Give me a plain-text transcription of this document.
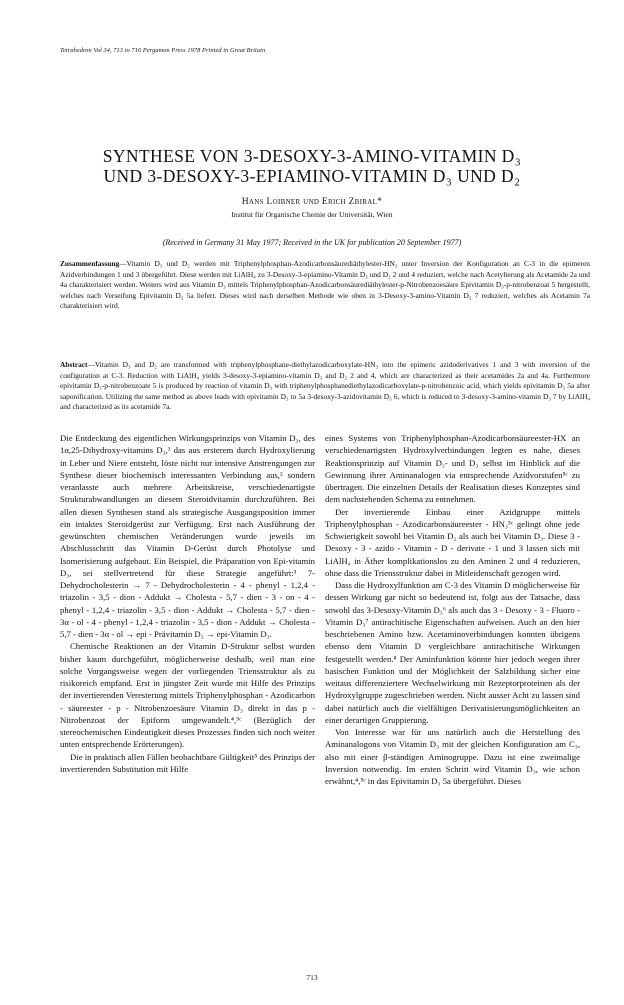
Tetrahedron Vol 34, 713 to 716 Pergamon Press 1978 Printed in Great Britain
SYNTHESE VON 3-DESOXY-3-AMINO-VITAMIN D₃
UND 3-DESOXY-3-EPIAMINO-VITAMIN D₃ UND D₂
Hans Loibner und Erich Zbiral*
Institut für Organische Chemie der Universität, Wien
(Received in Germany 31 May 1977; Received in the UK for publication 20 September 1977)
Zusammenfassung—Vitamin D₃ und D₂ werden mit Triphenylphosphan-Azodicarbonsäurediäthylester-HN₃ unter Inversion der Konfiguration an C-3 in die epimeren Azidverbindungen 1 und 3 übergeführt. Diese werden mit LiAlH₄ zu 3-Desoxy-3-epiamino-Vitamin D₃ und D₂ 2 und 4 reduziert, welche nach Acetylierung als Acetamide 2a und 4a charakterisiert werden. Weiters wird aus Vitamin D₃ mittels Triphenylphosphan-Azodicarbonsäurediäthylester-p-Nitrobenzoesäure Epivitamin D₃-p-nitrobenzoat 5 hergestellt, welches nach Verseifung Epivitamin D₃ 5a liefert. Dieses wird nach derselben Methode wie oben in 3-Desoxy-3-amino-Vitamin D₃ 7 reduziert, welches als Acetamin 7a charakterisiert wird.
Abstract—Vitamin D₃ and D₂ are transformed with triphenylphosphane-diethylazodicarboxylate-HN₃ into the epimeric azidoderivatives 1 and 3 with inversion of the configuration at C-3. Reduction with LiAlH₄ yields 3-desoxy-3-epiamino-vitamin D₃ and D₂ 2 and 4, which are characterized as their acetamides 2a and 4a. Furthermore epivitamin D₃-p-nitrobenzoate 5 is produced by reaction of vitamin D₃ with triphenylphosphanediethylazodicarboxylate-p-nitrobenzoic acid, which yields epivitamin D₃ 5a after saponification. Utilizing the same method as above leads with epivitamin D₃ to 5a 3-desoxy-3-azidovitamin D₃ 6, which is reduced to 3-desoxy-3-amino-vitamin D₃ 7 by LiAlH₄ and characterized as its acetamide 7a.

Die Entdeckung des eigentlichen Wirkungsprinzips von Vitamin D₃, des 1α,25-Dihydroxy-vitamins D₃,¹ das aus ersterem durch Hydroxylierung in Leber und Niere entsteht, löste nicht nur intensive Anstrengungen zur Synthese dieser biochemisch interessanten Verbindung aus,² sondern veranlasste auch mehrere Arbeitskreise, verschiedenartigste Strukturabwandlungen an diesem Steroidvitamin durchzuführen. Bei allen diesen Synthesen stand als strategische Ausgangsposition immer ein intaktes Steroidgerüst zur Verfügung. Erst nach Ausführung der gewünschten chemischen Veränderungen wurde jeweils im Abschlusschritt das Vitamin D-Gerüst durch Photolyse und Isomerisierung aufgebaut. Ein Beispiel, die Präparation von Epi-vitamin D₃, sei stellvertretend für diese Strategie angeführt:³ 7-Dehydrocholesterin → 7 - Dehydrocholesterin - 4 - phenyl - 1,2,4 - triazolin - 3,5 - dion - Addukt → Cholesta - 5,7 - dien - 3 - on - 4 - phenyl - 1,2,4 - triazolin - 3,5 - dion - Addukt → Cholesta - 5,7 - dien - 3α - ol - 4 - phenyl - 1,2,4 - triazolin - 3,5 - dion - Addukt → Cholesta - 5,7 - dien - 3α - ol → epi - Prävitamin D₃ → epi-Vitamin D₃.

Chemische Reaktionen an der Vitamin D-Struktur selbst wurden bisher kaum durchgeführt, möglicherweise deshalb, weil man eine solche Vorgangsweise wegen der vorliegenden Triensstruktur als zu risikoreich empfand. Erst in jüngster Zeit wurde mit Hilfe des Prinzips der invertierenden Veresterung mittels Triphenylphosphan - Azodicarbon - säureester - p - Nitrobenzoesäure Vitamin D₃ direkt in das p - Nitrobenzoat der Epiform umgewandelt.⁴,⁵ᶜ (Bezüglich der stereochemischen Eindeutigkeit dieses Prozesses finden sich noch weiter unten entsprechende Erörterungen).

Die in praktisch allen Fällen beobachtbare Gültigkeit⁵ des Prinzips der invertierenden Substitution mit Hilfe

eines Systems von Triphenylphosphan-Azodicarbonsäureester-HX an verschiedenartigsten Hydroxylverbindungen legten es nahe, dieses Reaktionsprinzip auf Vitamin D₂- und D₃ selbst im Hinblick auf die Gewinnung ihrer Aminanalogen via entsprechende Azidvorstufen⁵ᶜ zu übertragen. Die einzelnen Details der Realisation dieses Konzeptes sind dem nachstehenden Schema zu entnehmen.

Der invertierende Einbau einer Azidgruppe mittels Triphenylphosphan - Azodicarbonsäureester - HN₃⁵ᶜ gelingt ohne jede Schwierigkeit sowohl bei Vitamin D₂ als auch bei Vitamin D₃. Diese 3 - Desoxy - 3 - azido - Vitamin - D - derivate - 1 und 3 lassen sich mit LiAlH₄ in Äther komplikationslos zu den Aminen 2 und 4 reduzieren, ohne dass die Triensstruktur dabei in Mitleidenschaft gezogen wird.

Dass die Hydroxylfunktion am C-3 des Vitamin D möglicherweise für dessen Wirkung gar nicht so bedeutend ist, folgt aus der Tatsache, dass sowohl das 3-Desoxy-Vitamin D₃⁶ als auch das 3 - Desoxy - 3 - Fluoro - Vitamin D₃⁷ antirachitische Eigenschaften aufweisen. Auch an den hier beschriebenen Amino bzw. Acetaminoverbindungen konnten übrigens ebenso dem Vitamin D vergleichbare antirachitische Wirkungen festgestellt werden.⁸ Der Aminfunktion könnte hier jedoch wegen ihrer basischen Funktion und der Möglichkeit der Salzbildung sicher eine weitaus differenziertere Wechselwirkung mit Rezeptorproteinen als der Hydroxylgruppe zugeschrieben werden. Nicht ausser Acht zu lassen sind dabei natürlich auch die vielfältigen Derivatisierungsmöglichkeiten an einer derartigen Gruppierung.

Von Interesse war für uns natürlich auch die Herstellung des Aminanalogons von Vitamin D₃ mit der gleichen Konfiguration am C₃, also mit einer β-ständigen Aminogruppe. Dazu ist eine zweimalige Inversion notwendig. Im ersten Schritt wird Vitamin D₃, wie schon erwähnt,⁴,⁵ᶜ in das Epivitamin D₃ 5a übergeführt. Dieses

713
